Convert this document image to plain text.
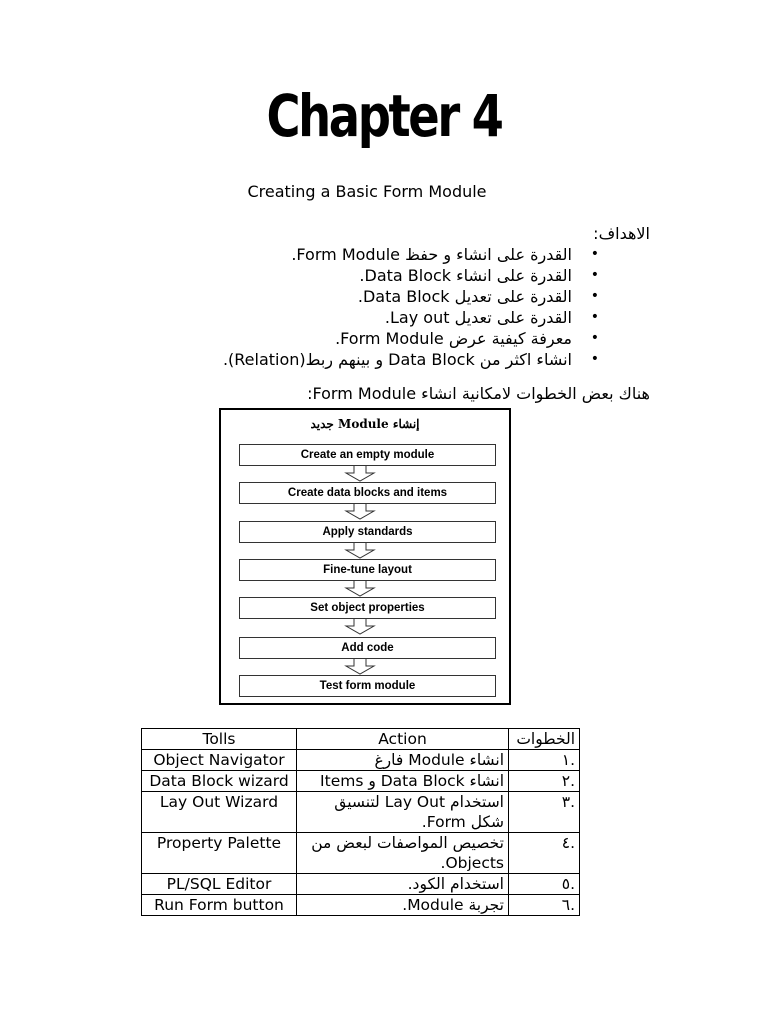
Chapter 4
Creating a Basic Form Module
الاهداف:
•
القدرة على انشاء و حفظ Form Module.
•
القدرة على انشاء Data Block.
•
القدرة على تعديل Data Block.
•
القدرة على تعديل Lay out.
•
معرفة كيفية عرض Form Module.
•
انشاء اكثر من Data Block و بينهم ربط(Relation).
هناك بعض الخطوات لامكانية انشاء Form Module:
إنشاء Module جديد
Create an empty module
Create data blocks and items
Apply standards
Fine-tune layout
Set object properties
Add code
Test form module
Tolls	Action	الخطوات
Object Navigator	انشاء Module فارغ	.١
Data Block wizard	انشاء Data Block و Items	.٢
Lay Out Wizard	استخدام Lay Out لتنسيق شكل Form.	.٣
Property Palette	تخصيص المواصفات لبعض من Objects.	.٤
PL/SQL Editor	استخدام الكود.	.٥
Run Form button	تجربة Module.	.٦
